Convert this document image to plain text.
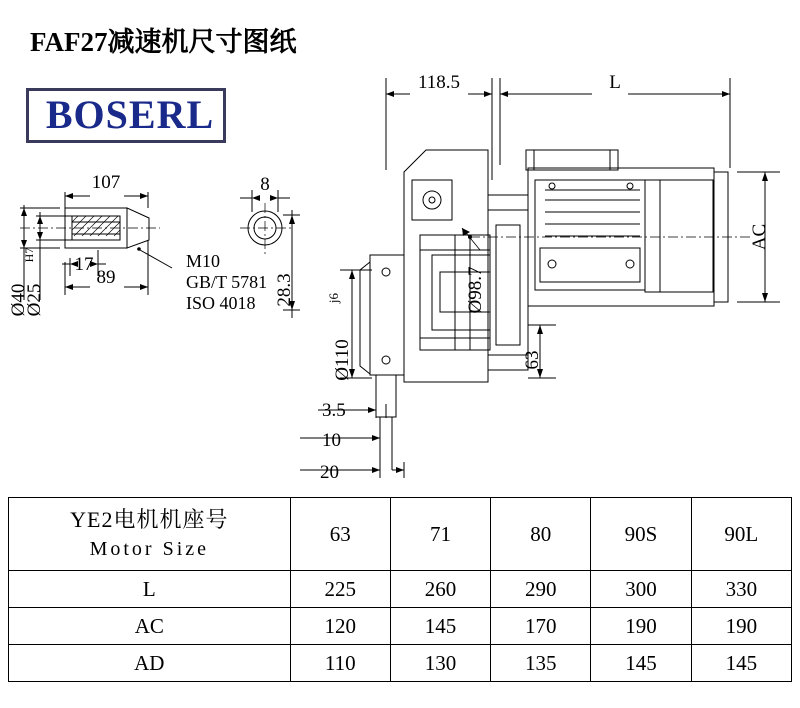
FAF27减速机尺寸图纸
BOSERL
118.5	L
AC
107	8
17
89
Ø40
Ø25
H7	M10
GB/T 5781
ISO 4018 28.3	Ø98.7
Ø110
j6
63
3.5
10
20
YE2电机机座号
Motor Size	63	71	80	90S	90L
L	225	260	290	300	330
AC	120	145	170	190	190
AD	110	130	135	145	145
